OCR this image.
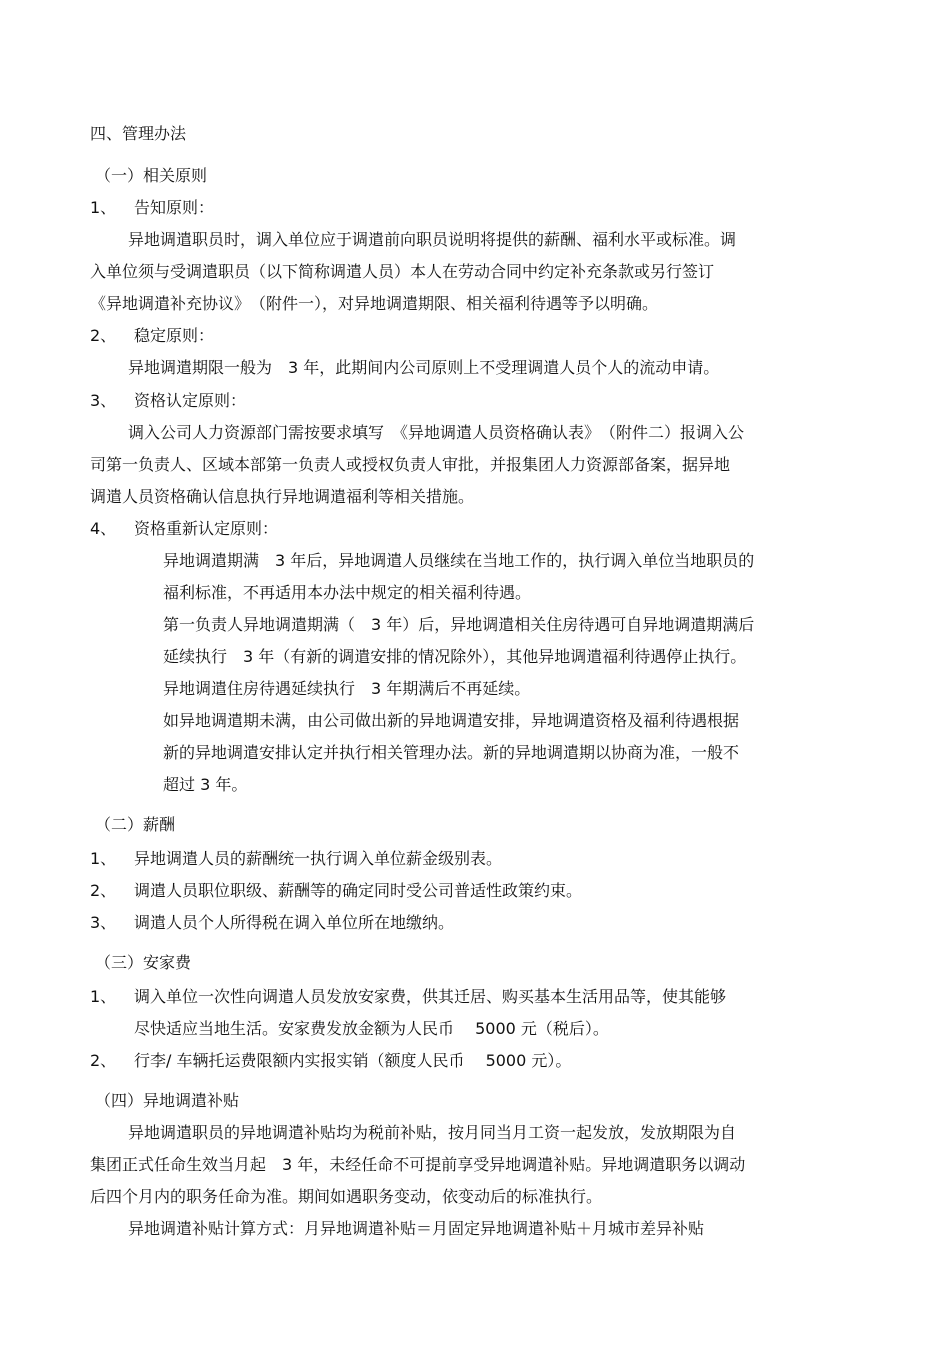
四、管理办法
（一）相关原则
1、 告知原则：
异地调遣职员时，调入单位应于调遣前向职员说明将提供的薪酬、福利水平或标准。调
入单位须与受调遣职员（以下简称调遣人员）本人在劳动合同中约定补充条款或另行签订
《异地调遣补充协议》　（附件一），对异地调遣期限、相关福利待遇等予以明确。
2、 稳定原则：
异地调遣期限一般为　3 年，此期间内公司原则上不受理调遣人员个人的流动申请。
3、 资格认定原则：
调入公司人力资源部门需按要求填写　《异地调遣人员资格确认表》　（附件二）报调入公
司第一负责人、区域本部第一负责人或授权负责人审批，并报集团人力资源部备案，据异地
调遣人员资格确认信息执行异地调遣福利等相关措施。
4、 资格重新认定原则：
异地调遣期满　3 年后，异地调遣人员继续在当地工作的，执行调入单位当地职员的
福利标准，不再适用本办法中规定的相关福利待遇。
第一负责人异地调遣期满（　3 年）后，异地调遣相关住房待遇可自异地调遣期满后
延续执行　3 年（有新的调遣安排的情况除外），其他异地调遣福利待遇停止执行。
异地调遣住房待遇延续执行　3 年期满后不再延续。
如异地调遣期未满，由公司做出新的异地调遣安排，异地调遣资格及福利待遇根据
新的异地调遣安排认定并执行相关管理办法。新的异地调遣期以协商为准，一般不
超过 3 年。
（二）薪酬
1、 异地调遣人员的薪酬统一执行调入单位薪金级别表。
2、 调遣人员职位职级、薪酬等的确定同时受公司普适性政策约束。
3、 调遣人员个人所得税在调入单位所在地缴纳。
（三）安家费
1、 调入单位一次性向调遣人员发放安家费，供其迁居、购买基本生活用品等，使其能够
尽快适应当地生活。安家费发放金额为人民币　 5000 元（税后）。
2、 行李/ 车辆托运费限额内实报实销（额度人民币　 5000 元）。
（四）异地调遣补贴
异地调遣职员的异地调遣补贴均为税前补贴，按月同当月工资一起发放，发放期限为自
集团正式任命生效当月起　3 年，未经任命不可提前享受异地调遣补贴。异地调遣职务以调动
后四个月内的职务任命为准。期间如遇职务变动，依变动后的标准执行。
异地调遣补贴计算方式：月异地调遣补贴＝月固定异地调遣补贴＋月城市差异补贴
